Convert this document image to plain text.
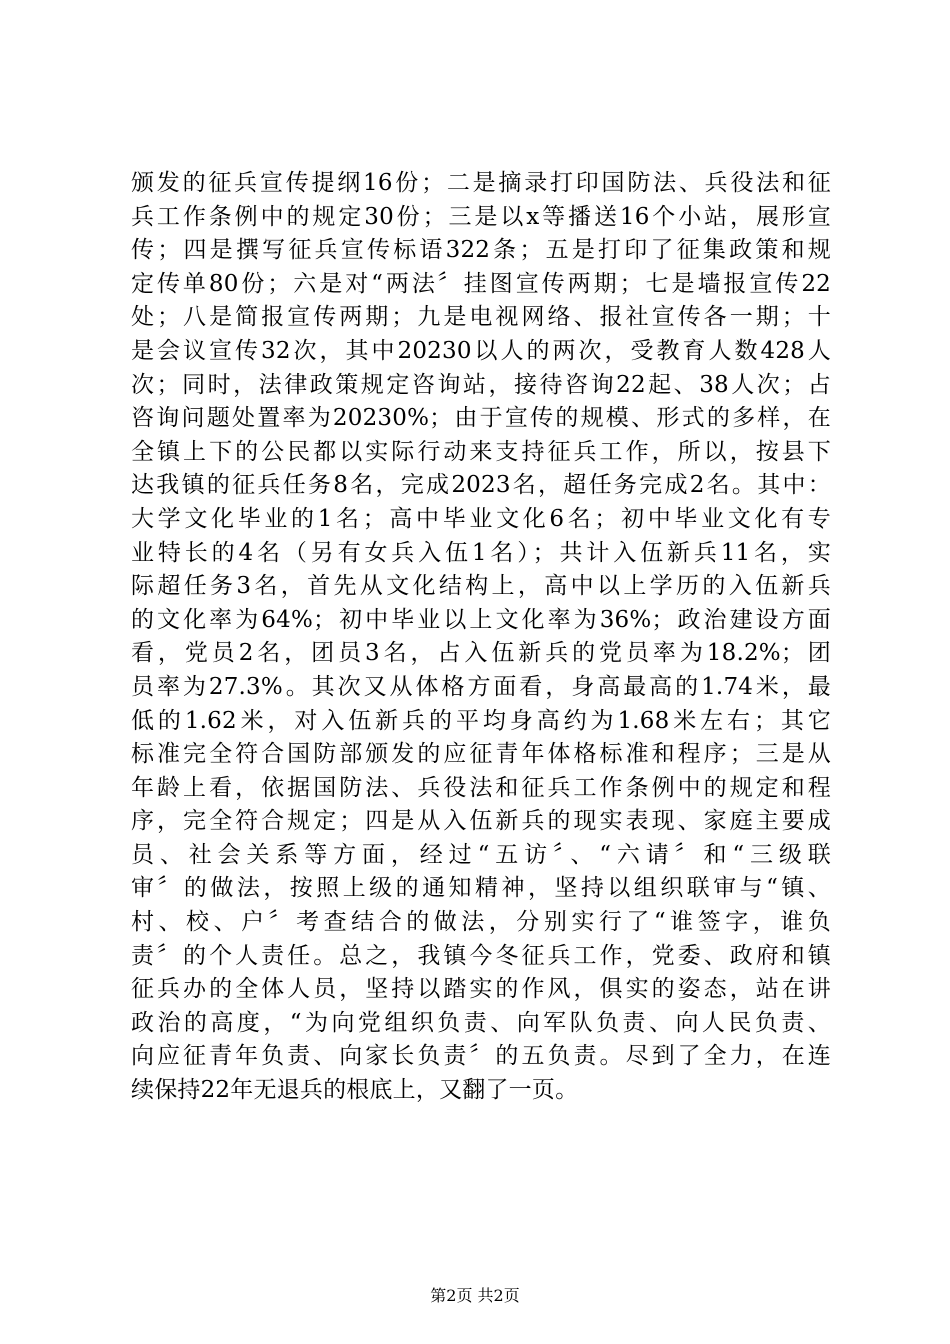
颁发的征兵宣传提纲16份；二是摘录打印国防法、兵役法和征
兵工作条例中的规定30份；三是以x等播送16个小站，展形宣
传；四是撰写征兵宣传标语322条；五是打印了征集政策和规
定传单80份；六是对“两法〞挂图宣传两期；七是墙报宣传22
处；八是简报宣传两期；九是电视网络、报社宣传各一期；十
是会议宣传32次，其中20230以人的两次，受教育人数428人
次；同时，法律政策规定咨询站，接待咨询22起、38人次；占
咨询问题处置率为20230%；由于宣传的规模、形式的多样，在
全镇上下的公民都以实际行动来支持征兵工作，所以，按县下
达我镇的征兵任务8名，完成2023名，超任务完成2名。其中：
大学文化毕业的1名；高中毕业文化6名；初中毕业文化有专
业特长的4名（另有女兵入伍1名）；共计入伍新兵11名，实
际超任务3名，首先从文化结构上，高中以上学历的入伍新兵
的文化率为64%；初中毕业以上文化率为36%；政治建设方面
看，党员2名，团员3名，占入伍新兵的党员率为18.2%；团
员率为27.3%。其次又从体格方面看，身高最高的1.74米，最
低的1.62米，对入伍新兵的平均身高约为1.68米左右；其它
标准完全符合国防部颁发的应征青年体格标准和程序；三是从
年龄上看，依据国防法、兵役法和征兵工作条例中的规定和程
序，完全符合规定；四是从入伍新兵的现实表现、家庭主要成
员、社会关系等方面，经过“五访〞、“六请〞和“三级联
审〞的做法，按照上级的通知精神，坚持以组织联审与“镇、
村、校、户〞考查结合的做法，分别实行了“谁签字，谁负
责〞的个人责任。总之，我镇今冬征兵工作，党委、政府和镇
征兵办的全体人员，坚持以踏实的作风，俱实的姿态，站在讲
政治的高度，“为向党组织负责、向军队负责、向人民负责、
向应征青年负责、向家长负责〞的五负责。尽到了全力，在连
续保持22年无退兵的根底上，又翻了一页。
第2页 共2页
